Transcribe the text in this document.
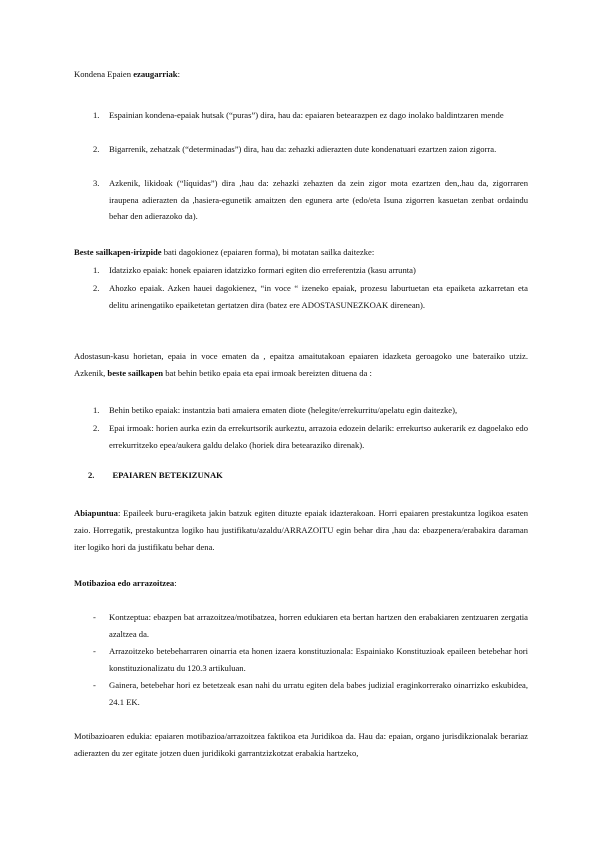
Kondena Epaien ezaugarriak:

1.	Espainian kondena-epaiak hutsak (“puras”) dira, hau da: epaiaren betearazpen ez dago inolako baldintzaren mende
2.	Bigarrenik, zehatzak (“determinadas”) dira, hau da: zehazki adierazten dute kondenatuari ezartzen zaion zigorra.
3.	Azkenik, likidoak (“líquidas”) dira ,hau da: zehazki zehazten da zein zigor mota ezartzen den,.hau da, zigorraren iraupena adierazten da ,hasiera-egunetik amaitzen den egunera arte (edo/eta Isuna zigorren kasuetan zenbat ordaindu behar den adierazoko da).

Beste sailkapen-irizpide bati dagokionez (epaiaren forma), bi motatan sailka daitezke:

1.	Idatzizko epaiak: honek epaiaren idatzizko formari egiten dio erreferentzia (kasu arrunta)
2.	Ahozko epaiak. Azken hauei dagokienez, “in voce “ izeneko epaiak, prozesu laburtuetan eta epaiketa azkarretan eta delitu arinengatiko epaiketetan gertatzen dira (batez ere ADOSTASUNEZKOAK direnean).

Adostasun-kasu horietan, epaia in voce ematen da , epaitza amaitutakoan epaiaren idazketa geroagoko une bateraiko utziz. Azkenik, beste sailkapen bat behin betiko epaia eta epai irmoak bereizten dituena da :

1.	Behin betiko epaiak: instantzia bati amaiera ematen diote (helegite/errekurritu/apelatu egin daitezke),
2.	Epai irmoak: horien aurka ezin da errekurtsorik aurkeztu, arrazoia edozein delarik: errekurtso aukerarik ez dagoelako edo errekurritzeko epea/aukera galdu delako (horiek dira betearaziko direnak).
2. EPAIAREN BETEKIZUNAK

Abiapuntua: Epaileek buru-eragiketa jakin batzuk egiten dituzte epaiak idazterakoan. Horri epaiaren prestakuntza logikoa esaten zaio. Horregatik, prestakuntza logiko hau justifikatu/azaldu/ARRAZOITU egin behar dira ,hau da: ebazpenera/erabakira daraman iter logiko hori da justifikatu behar dena.

Motibazioa edo arrazoitzea:

- Kontzeptua: ebazpen bat arrazoitzea/motibatzea, horren edukiaren eta bertan hartzen den erabakiaren zentzuaren zergatia azaltzea da.
- Arrazoitzeko betebeharraren oinarria eta honen izaera konstituzionala: Espainiako Konstituzioak epaileen betebehar hori konstituzionalizatu du 120.3 artikuluan.
- Gainera, betebehar hori ez betetzeak esan nahi du urratu egiten dela babes judizial eraginkorrerako oinarrizko eskubidea, 24.1 EK.

Motibazioaren edukia: epaiaren motibazioa/arrazoitzea faktikoa eta Juridikoa da. Hau da: epaian, organo jurisdikzionalak berariaz adierazten du zer egitate jotzen duen juridikoki garrantzizkotzat erabakia hartzeko,
